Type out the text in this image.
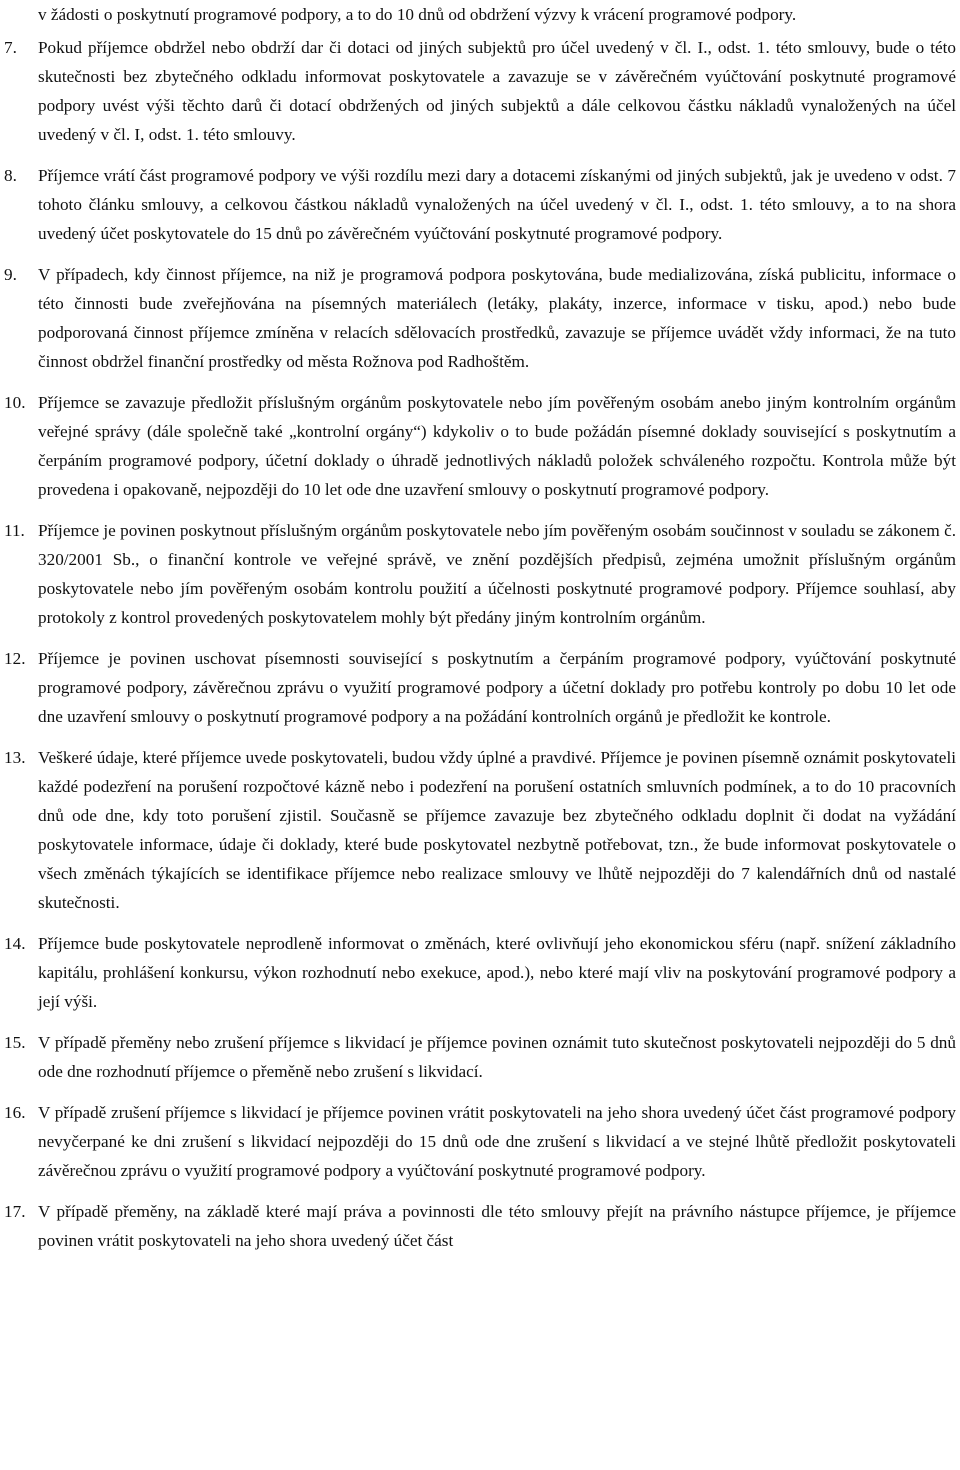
v žádosti o poskytnutí programové podpory, a to do 10 dnů od obdržení výzvy k vrácení programové podpory.

7.	Pokud příjemce obdržel nebo obdrží dar či dotaci od jiných subjektů pro účel uvedený v čl. I., odst. 1. této smlouvy, bude o této skutečnosti bez zbytečného odkladu informovat poskytovatele a zavazuje se v závěrečném vyúčtování poskytnuté programové podpory uvést výši těchto darů či dotací obdržených od jiných subjektů a dále celkovou částku nákladů vynaložených na účel uvedený v čl. I, odst. 1. této smlouvy.
8.	Příjemce vrátí část programové podpory ve výši rozdílu mezi dary a dotacemi získanými od jiných subjektů, jak je uvedeno v odst. 7 tohoto článku smlouvy, a celkovou částkou nákladů vynaložených na účel uvedený v čl. I., odst. 1. této smlouvy, a to na shora uvedený účet poskytovatele do 15 dnů po závěrečném vyúčtování poskytnuté programové podpory.
9.	V případech, kdy činnost příjemce, na niž je programová podpora poskytována, bude medializována, získá publicitu, informace o této činnosti bude zveřejňována na písemných materiálech (letáky, plakáty, inzerce, informace v tisku, apod.) nebo bude podporovaná činnost příjemce zmíněna v relacích sdělovacích prostředků, zavazuje se příjemce uvádět vždy informaci, že na tuto činnost obdržel finanční prostředky od města Rožnova pod Radhoštěm.
10. Příjemce se zavazuje předložit příslušným orgánům poskytovatele nebo jím pověřeným osobám anebo jiným kontrolním orgánům veřejné správy (dále společně také „kontrolní orgány“) kdykoliv o to bude požádán písemné doklady související s poskytnutím a čerpáním programové podpory, účetní doklady o úhradě jednotlivých nákladů položek schváleného rozpočtu. Kontrola může být provedena i opakovaně, nejpozději do 10 let ode dne uzavření smlouvy o poskytnutí programové podpory.
11. Příjemce je povinen poskytnout příslušným orgánům poskytovatele nebo jím pověřeným osobám součinnost v souladu se zákonem č. 320/2001 Sb., o finanční kontrole ve veřejné správě, ve znění pozdějších předpisů, zejména umožnit příslušným orgánům poskytovatele nebo jím pověřeným osobám kontrolu použití a účelnosti poskytnuté programové podpory. Příjemce souhlasí, aby protokoly z kontrol provedených poskytovatelem mohly být předány jiným kontrolním orgánům.
12. Příjemce je povinen uschovat písemnosti související s poskytnutím a čerpáním programové podpory, vyúčtování poskytnuté programové podpory, závěrečnou zprávu o využití programové podpory a účetní doklady pro potřebu kontroly po dobu 10 let ode dne uzavření smlouvy o poskytnutí programové podpory a na požádání kontrolních orgánů je předložit ke kontrole.
13. Veškeré údaje, které příjemce uvede poskytovateli, budou vždy úplné a pravdivé. Příjemce je povinen písemně oznámit poskytovateli každé podezření na porušení rozpočtové kázně nebo i podezření na porušení ostatních smluvních podmínek, a to do 10 pracovních dnů ode dne, kdy toto porušení zjistil. Současně se příjemce zavazuje bez zbytečného odkladu doplnit či dodat na vyžádání poskytovatele informace, údaje či doklady, které bude poskytovatel nezbytně potřebovat, tzn., že bude informovat poskytovatele o všech změnách týkajících se identifikace příjemce nebo realizace smlouvy ve lhůtě nejpozději do 7 kalendářních dnů od nastalé skutečnosti.
14. Příjemce bude poskytovatele neprodleně informovat o změnách, které ovlivňují jeho ekonomickou sféru (např. snížení základního kapitálu, prohlášení konkursu, výkon rozhodnutí nebo exekuce, apod.), nebo které mají vliv na poskytování programové podpory a její výši.
15. V případě přeměny nebo zrušení příjemce s likvidací je příjemce povinen oznámit tuto skutečnost poskytovateli nejpozději do 5 dnů ode dne rozhodnutí příjemce o přeměně nebo zrušení s likvidací.
16. V případě zrušení příjemce s likvidací je příjemce povinen vrátit poskytovateli na jeho shora uvedený účet část programové podpory nevyčerpané ke dni zrušení s likvidací nejpozději do 15 dnů ode dne zrušení s likvidací a ve stejné lhůtě předložit poskytovateli závěrečnou zprávu o využití programové podpory a vyúčtování poskytnuté programové podpory.
17. V případě přeměny, na základě které mají práva a povinnosti dle této smlouvy přejít na právního nástupce příjemce, je příjemce povinen vrátit poskytovateli na jeho shora uvedený účet část
